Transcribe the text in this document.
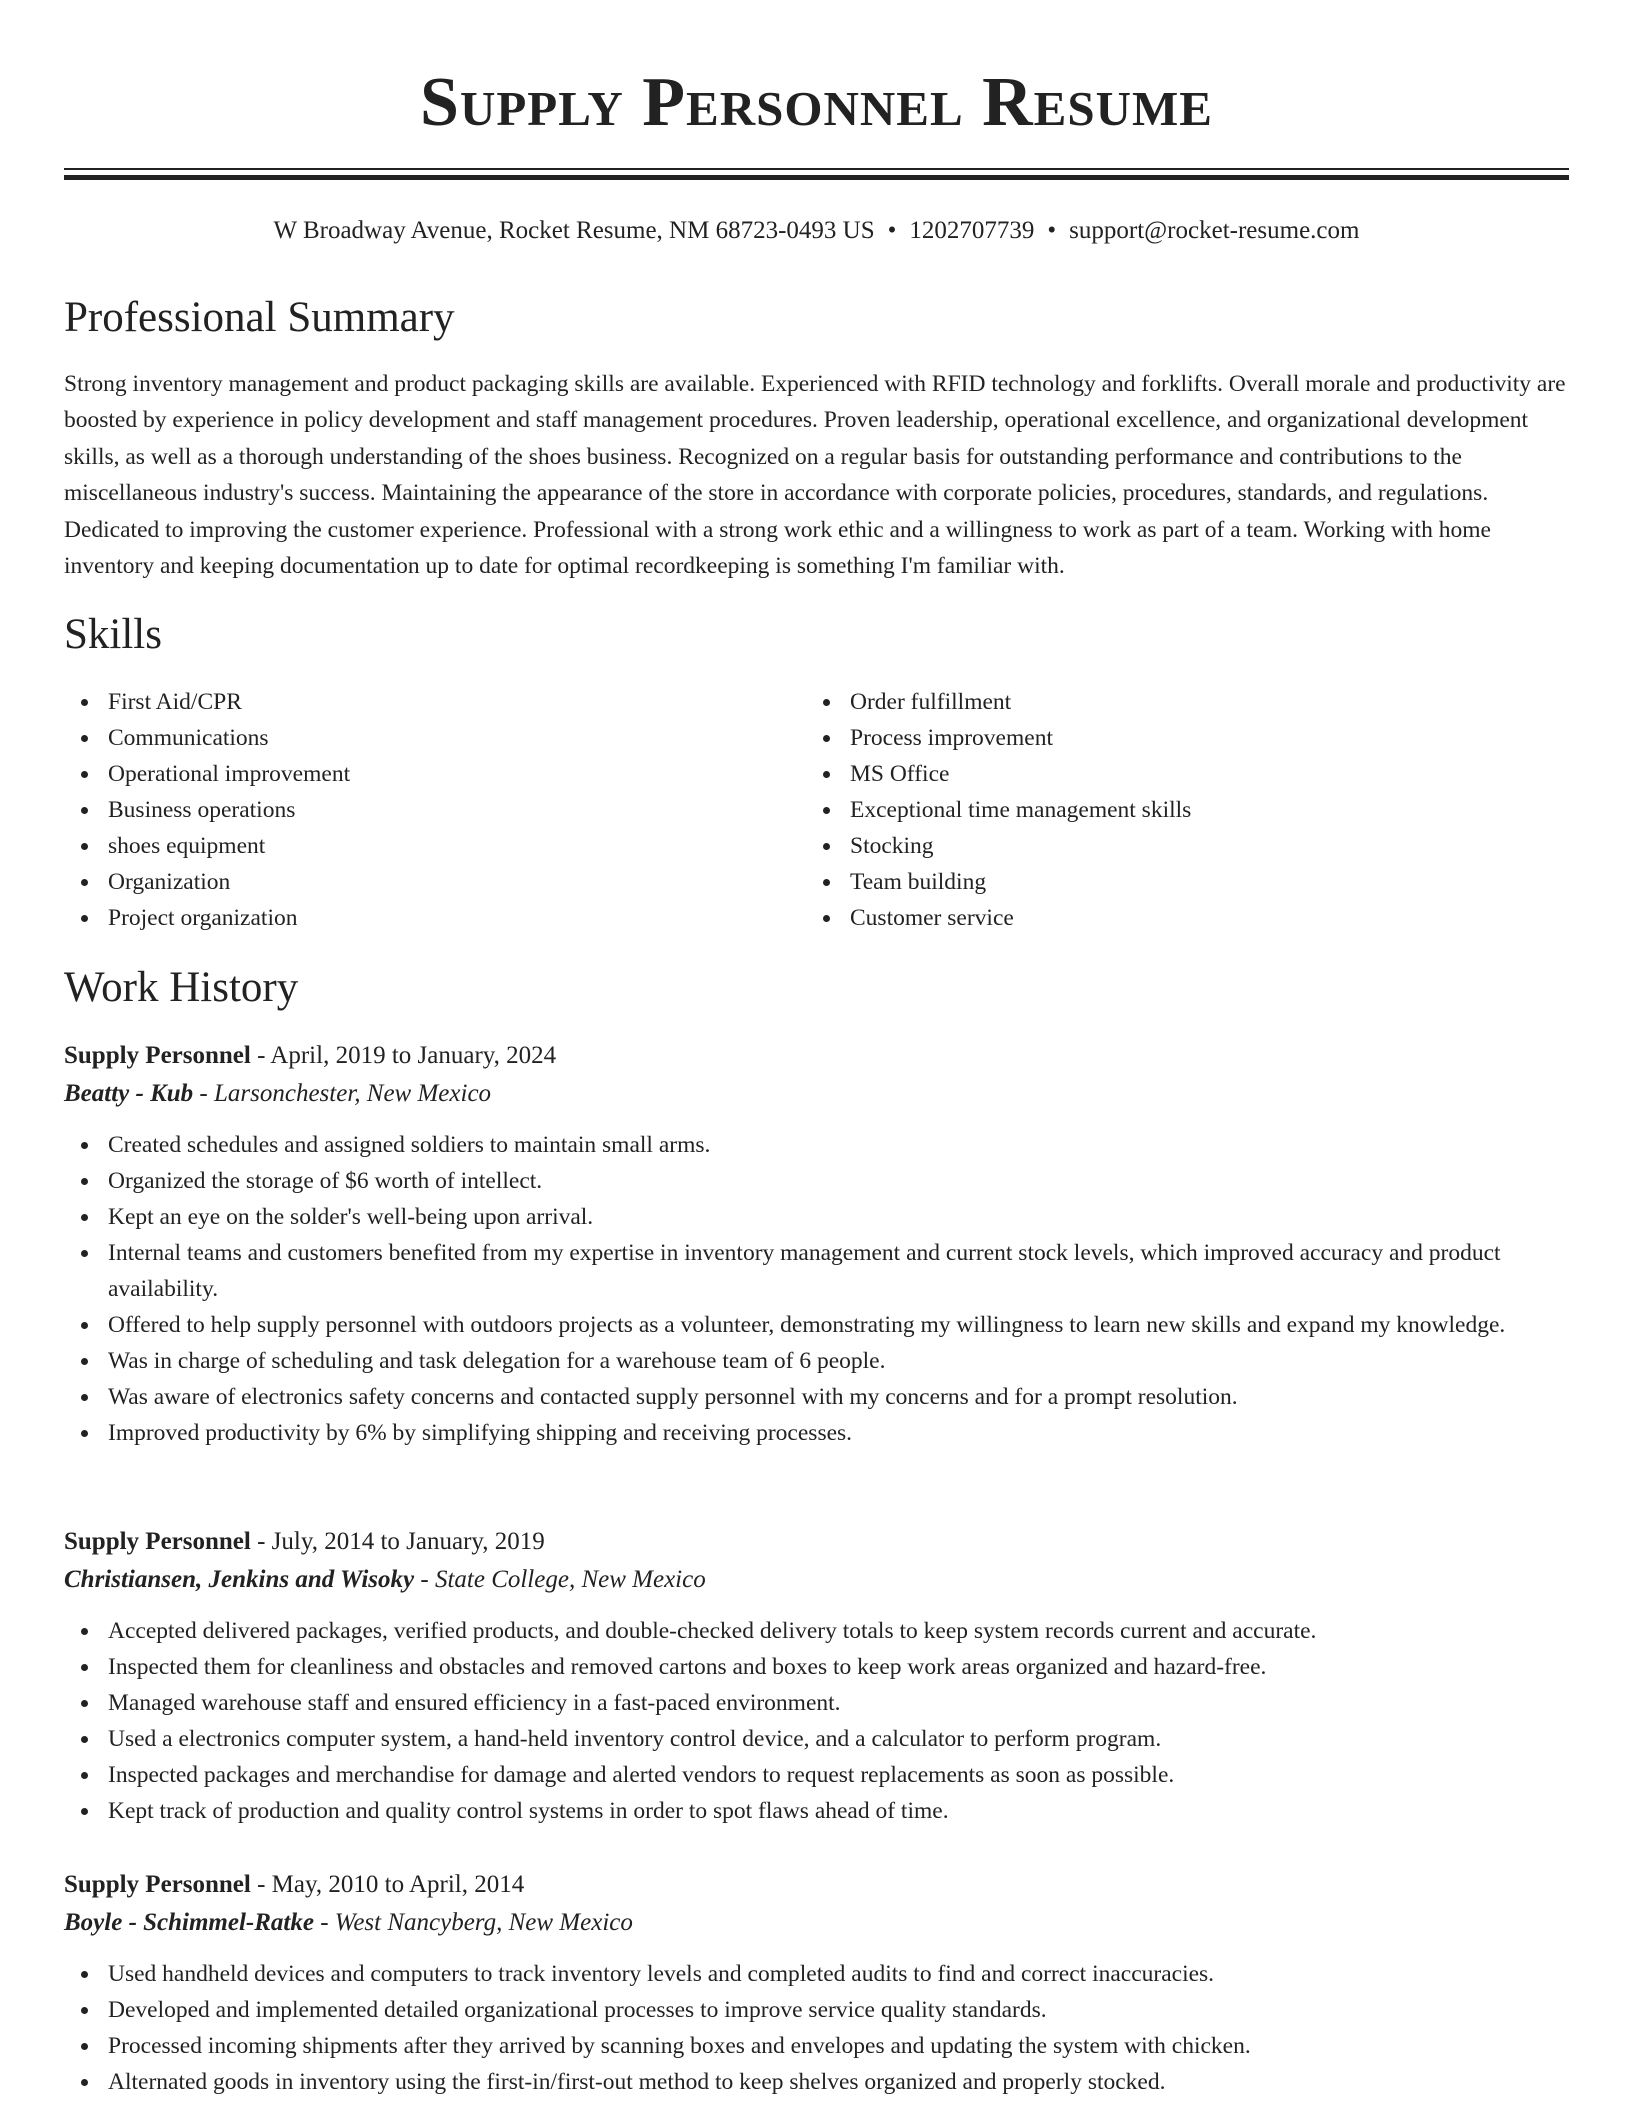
Supply Personnel Resume
W Broadway Avenue, Rocket Resume, NM 68723-0493 US • 1202707739 • support@rocket-resume.com
Professional Summary

Strong inventory management and product packaging skills are available. Experienced with RFID technology and forklifts. Overall morale and productivity are boosted by experience in policy development and staff management procedures. Proven leadership, operational excellence, and organizational development skills, as well as a thorough understanding of the shoes business. Recognized on a regular basis for outstanding performance and contributions to the miscellaneous industry's success. Maintaining the appearance of the store in accordance with corporate policies, procedures, standards, and regulations. Dedicated to improving the customer experience. Professional with a strong work ethic and a willingness to work as part of a team. Working with home inventory and keeping documentation up to date for optimal recordkeeping is something I'm familiar with.

Skills
First Aid/CPR
Communications
Operational improvement
Business operations
shoes equipment
Organization
Project organization
Order fulfillment
Process improvement
MS Office
Exceptional time management skills
Stocking
Team building
Customer service
Work History
Supply Personnel - April, 2019 to January, 2024
Beatty - Kub - Larsonchester, New Mexico
Created schedules and assigned soldiers to maintain small arms.
Organized the storage of $6 worth of intellect.
Kept an eye on the solder's well-being upon arrival.
Internal teams and customers benefited from my expertise in inventory management and current stock levels, which improved accuracy and product availability.
Offered to help supply personnel with outdoors projects as a volunteer, demonstrating my willingness to learn new skills and expand my knowledge.
Was in charge of scheduling and task delegation for a warehouse team of 6 people.
Was aware of electronics safety concerns and contacted supply personnel with my concerns and for a prompt resolution.
Improved productivity by 6% by simplifying shipping and receiving processes.
Supply Personnel - July, 2014 to January, 2019
Christiansen, Jenkins and Wisoky - State College, New Mexico
Accepted delivered packages, verified products, and double-checked delivery totals to keep system records current and accurate.
Inspected them for cleanliness and obstacles and removed cartons and boxes to keep work areas organized and hazard-free.
Managed warehouse staff and ensured efficiency in a fast-paced environment.
Used a electronics computer system, a hand-held inventory control device, and a calculator to perform program.
Inspected packages and merchandise for damage and alerted vendors to request replacements as soon as possible.
Kept track of production and quality control systems in order to spot flaws ahead of time.
Supply Personnel - May, 2010 to April, 2014
Boyle - Schimmel-Ratke - West Nancyberg, New Mexico
Used handheld devices and computers to track inventory levels and completed audits to find and correct inaccuracies.
Developed and implemented detailed organizational processes to improve service quality standards.
Processed incoming shipments after they arrived by scanning boxes and envelopes and updating the system with chicken.
Alternated goods in inventory using the first-in/first-out method to keep shelves organized and properly stocked.
